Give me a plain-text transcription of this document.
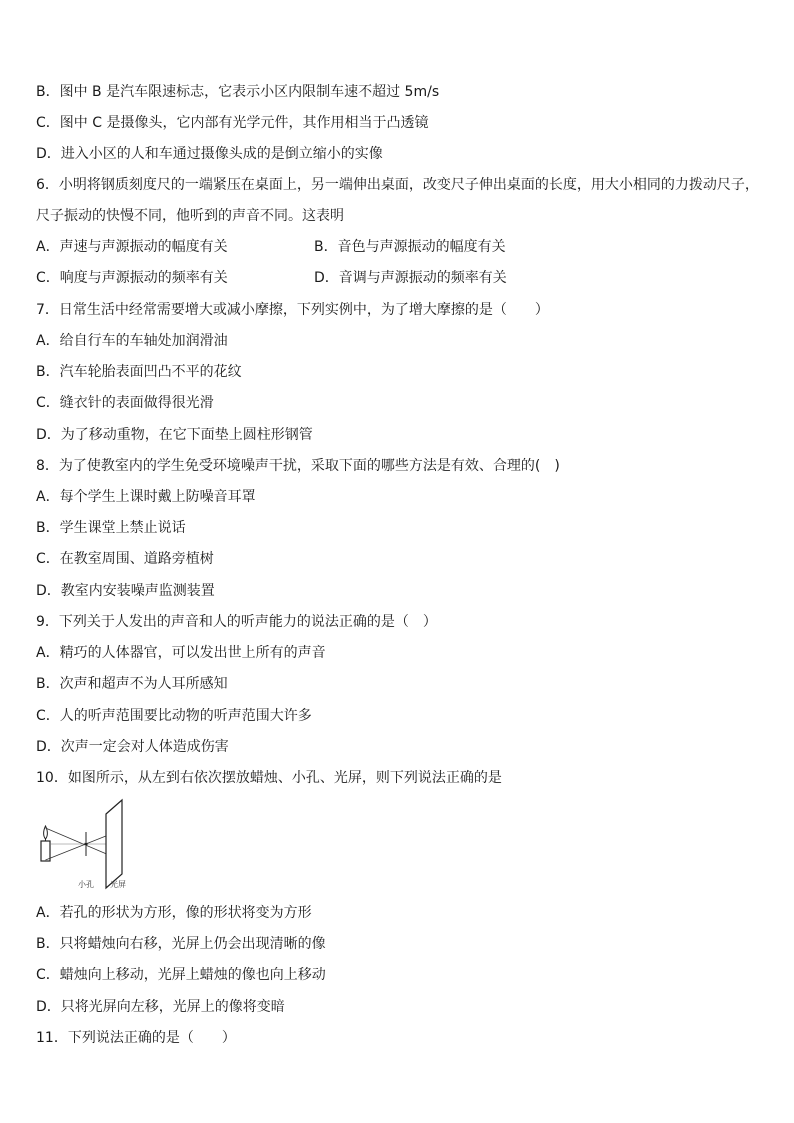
B．图中 B 是汽车限速标志，它表示小区内限制车速不超过 5m/s
C．图中 C 是摄像头，它内部有光学元件，其作用相当于凸透镜
D．进入小区的人和车通过摄像头成的是倒立缩小的实像
6．小明将钢质刻度尺的一端紧压在桌面上，另一端伸出桌面，改变尺子伸出桌面的长度，用大小相同的力拨动尺子，
尺子振动的快慢不同，他听到的声音不同。这表明
A．声速与声源振动的幅度有关	B．音色与声源振动的幅度有关
C．响度与声源振动的频率有关	D．音调与声源振动的频率有关
7．日常生活中经常需要增大或减小摩擦，下列实例中，为了增大摩擦的是（　　）
A．给自行车的车轴处加润滑油
B．汽车轮胎表面凹凸不平的花纹
C．缝衣针的表面做得很光滑
D．为了移动重物，在它下面垫上圆柱形钢管
8．为了使教室内的学生免受环境噪声干扰，采取下面的哪些方法是有效、合理的(　)
A．每个学生上课时戴上防噪音耳罩
B．学生课堂上禁止说话
C．在教室周围、道路旁植树
D．教室内安装噪声监测装置
9．下列关于人发出的声音和人的听声能力的说法正确的是（　）
A．精巧的人体器官，可以发出世上所有的声音
B．次声和超声不为人耳所感知
C．人的听声范围要比动物的听声范围大许多
D．次声一定会对人体造成伤害
10．如图所示，从左到右依次摆放蜡烛、小孔、光屏，则下列说法正确的是
小孔 光屏
A．若孔的形状为方形，像的形状将变为方形
B．只将蜡烛向右移，光屏上仍会出现清晰的像
C．蜡烛向上移动，光屏上蜡烛的像也向上移动
D．只将光屏向左移，光屏上的像将变暗
11．下列说法正确的是（　　）
